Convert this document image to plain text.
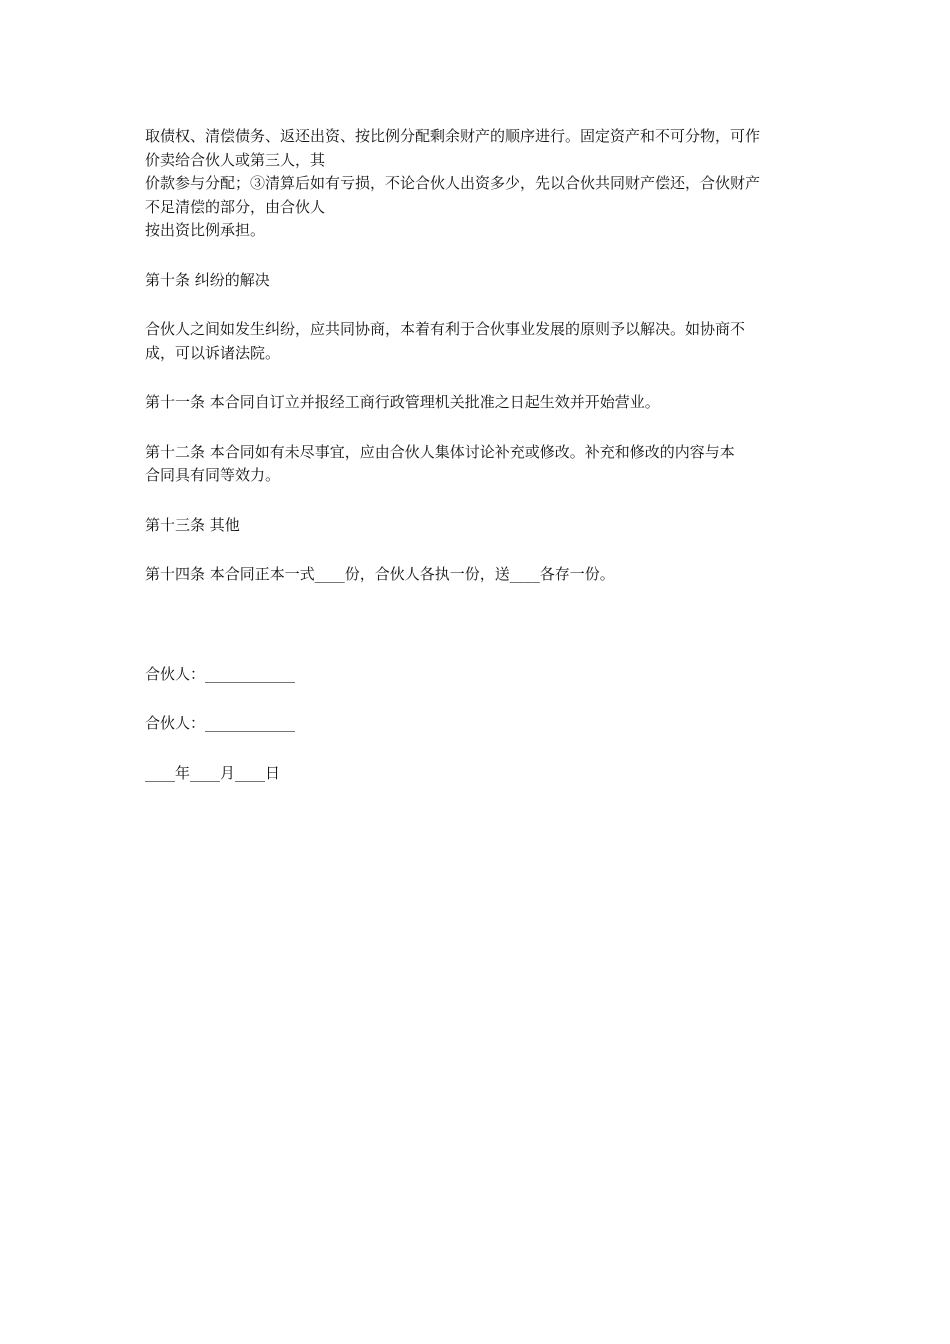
取债权、清偿债务、返还出资、按比例分配剩余财产的顺序进行。固定资产和不可分物，可作
价卖给合伙人或第三人，其
价款参与分配；③清算后如有亏损，不论合伙人出资多少，先以合伙共同财产偿还，合伙财产
不足清偿的部分，由合伙人
按出资比例承担。
第十条 纠纷的解决
合伙人之间如发生纠纷，应共同协商，本着有利于合伙事业发展的原则予以解决。如协商不
成，可以诉诸法院。
第十一条 本合同自订立并报经工商行政管理机关批准之日起生效并开始营业。
第十二条 本合同如有未尽事宜，应由合伙人集体讨论补充或修改。补充和修改的内容与本
合同具有同等效力。
第十三条 其他
第十四条 本合同正本一式____份，合伙人各执一份，送____各存一份。
合伙人：____________
合伙人：____________
____年____月____日
